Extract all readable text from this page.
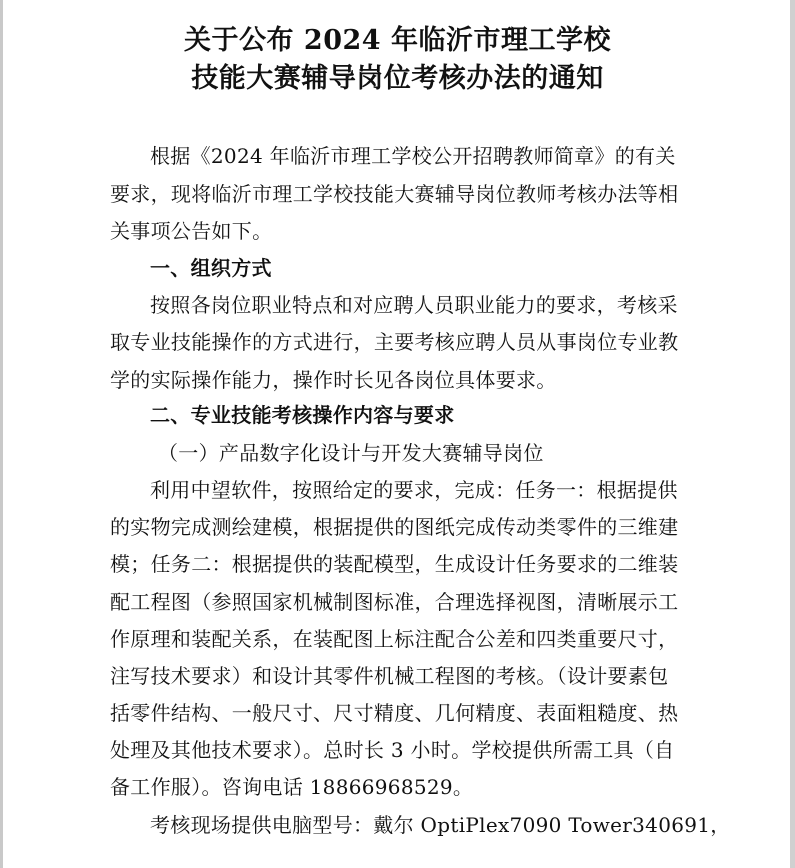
关于公布 2024 年临沂市理工学校
技能大赛辅导岗位考核办法的通知
根据《2024 年临沂市理工学校公开招聘教师简章》的有关
要求，现将临沂市理工学校技能大赛辅导岗位教师考核办法等相
关事项公告如下。
一、组织方式
按照各岗位职业特点和对应聘人员职业能力的要求，考核采
取专业技能操作的方式进行，主要考核应聘人员从事岗位专业教
学的实际操作能力，操作时长见各岗位具体要求。
二、专业技能考核操作内容与要求
（一）产品数字化设计与开发大赛辅导岗位
利用中望软件，按照给定的要求，完成：任务一：根据提供
的实物完成测绘建模，根据提供的图纸完成传动类零件的三维建
模；任务二：根据提供的装配模型，生成设计任务要求的二维装
配工程图（参照国家机械制图标准，合理选择视图，清晰展示工
作原理和装配关系，在装配图上标注配合公差和四类重要尺寸，
注写技术要求）和设计其零件机械工程图的考核。（设计要素包
括零件结构、一般尺寸、尺寸精度、几何精度、表面粗糙度、热
处理及其他技术要求）。总时长 3 小时。学校提供所需工具（自
备工作服）。咨询电话 18866968529。
考核现场提供电脑型号：戴尔 OptiPlex7090 Tower340691，
